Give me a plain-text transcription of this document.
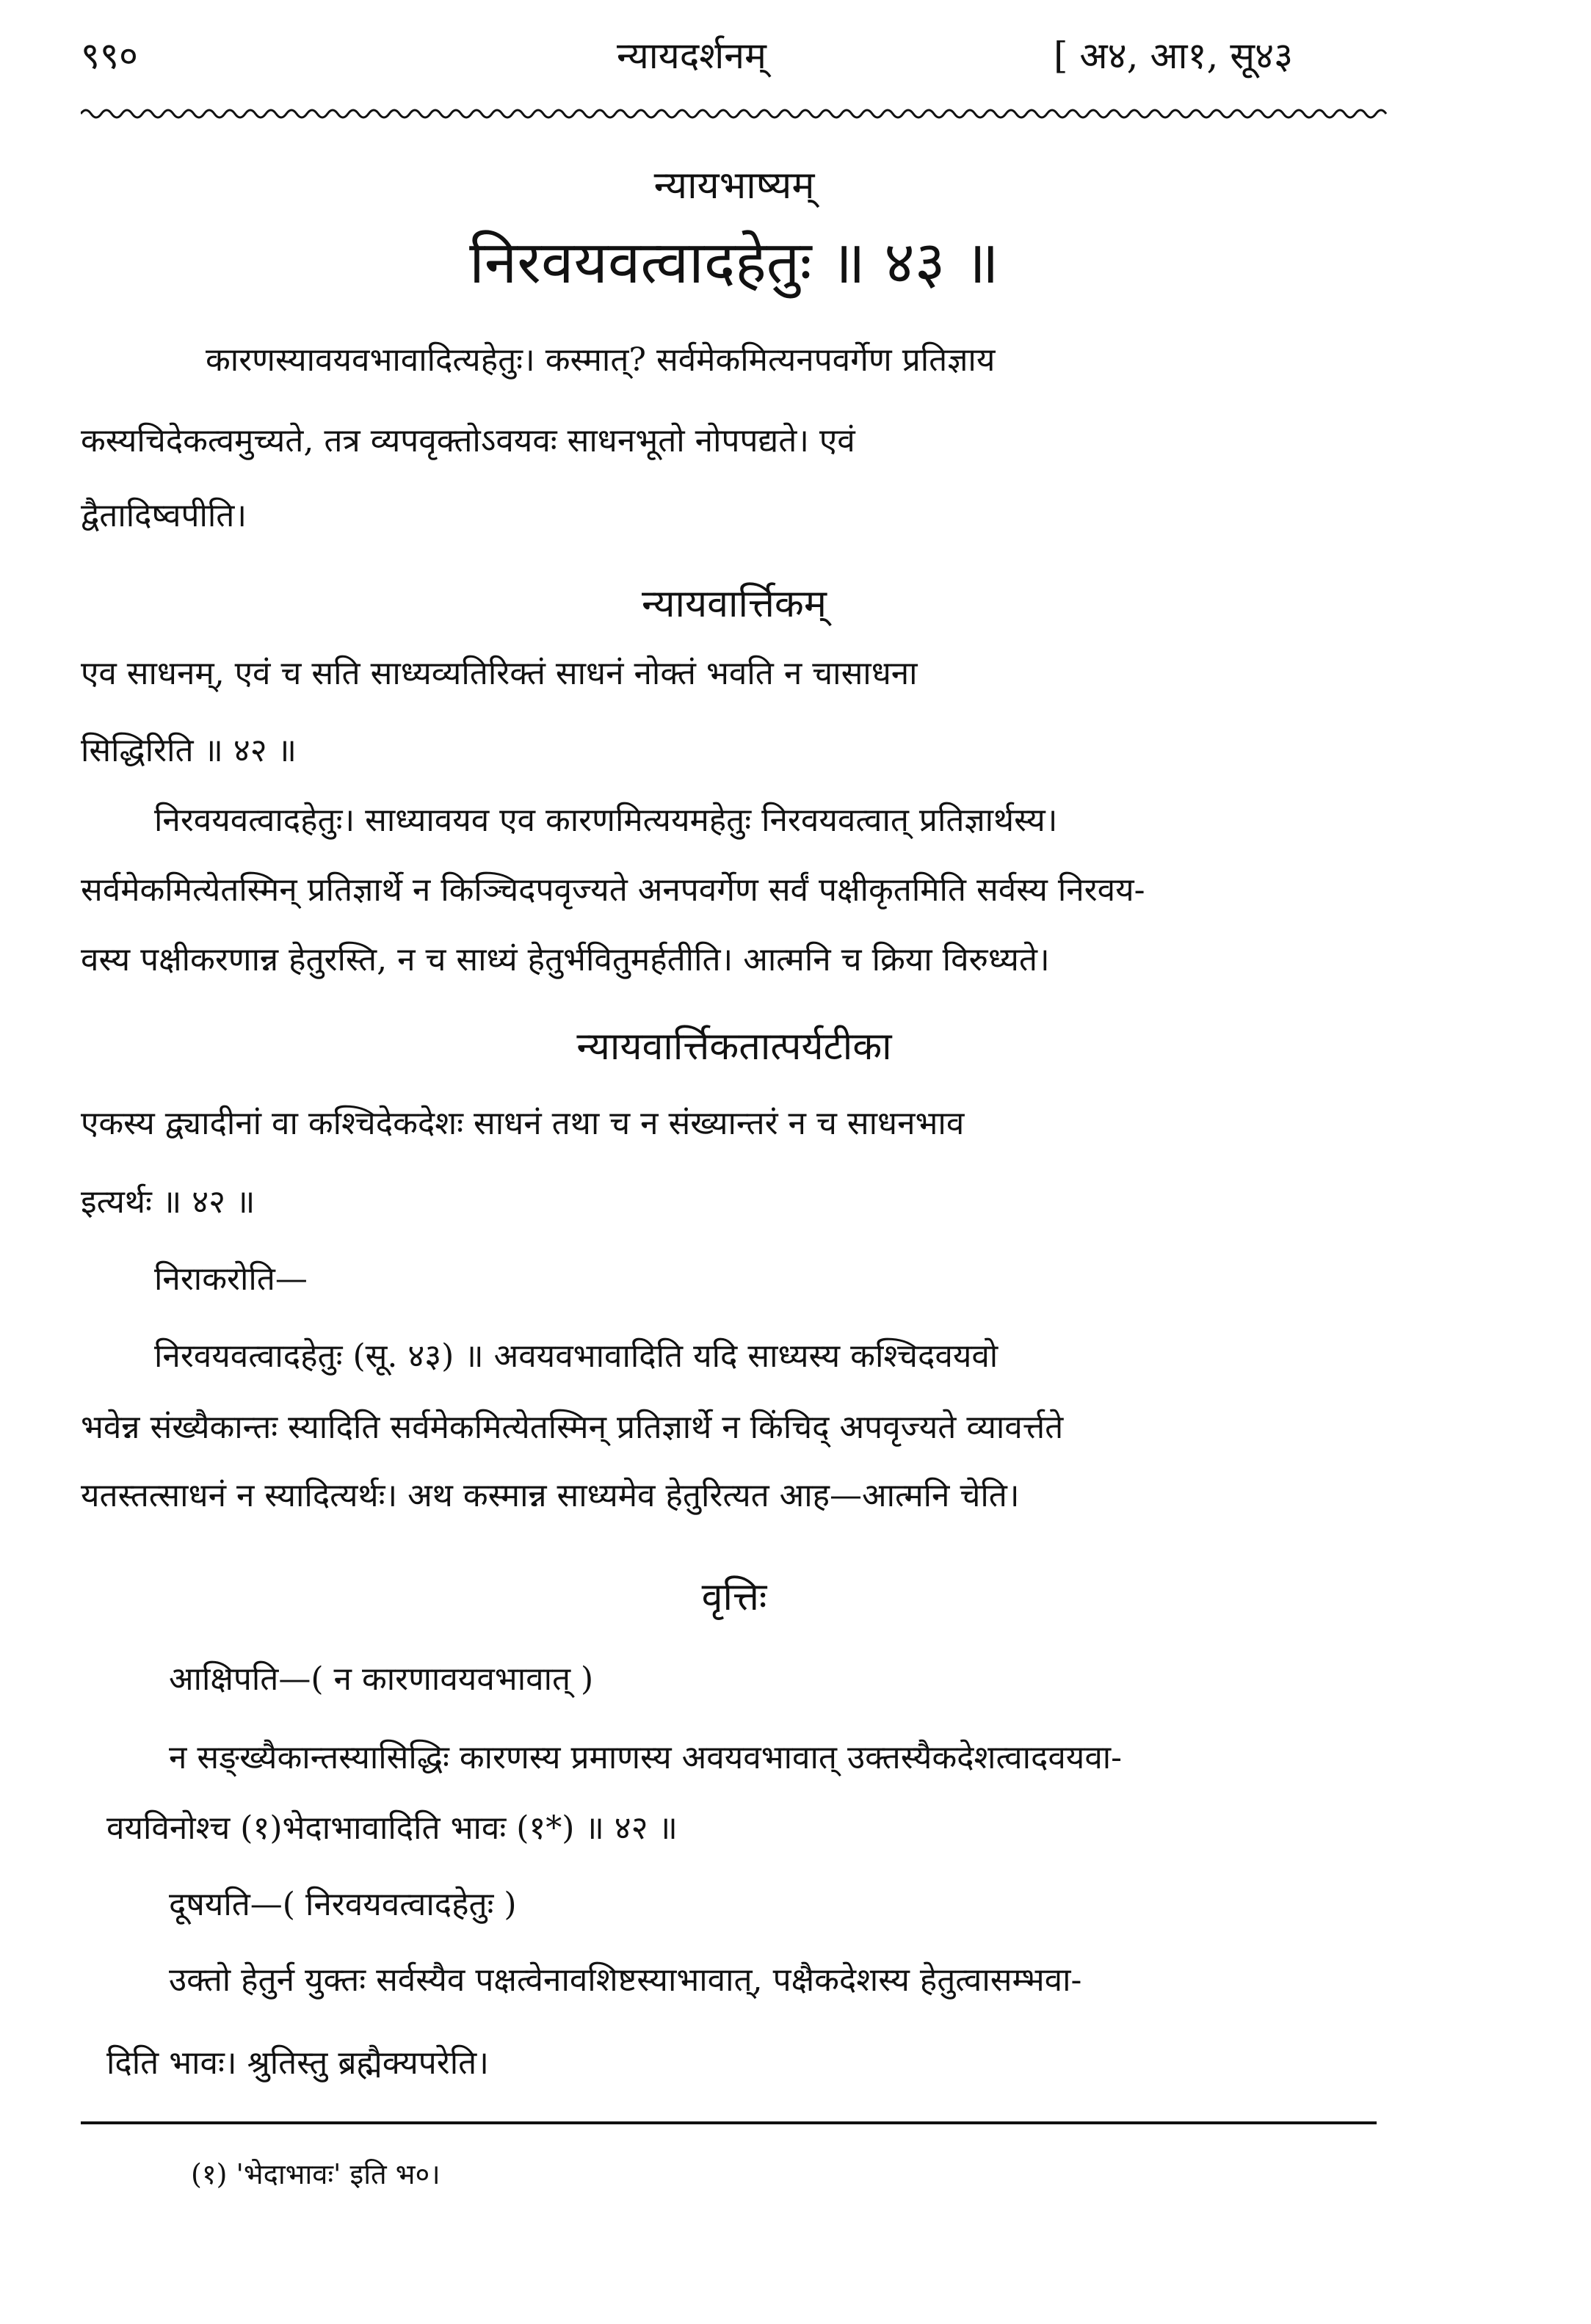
९९०	न्यायदर्शनम्	[ अ४, आ१, सू४३
न्यायभाष्यम्
निरवयवत्वादहेतुः ॥ ४३ ॥
कारणस्यावयवभावादित्यहेतुः। कस्मात्? सर्वमेकमित्यनपवर्गेण प्रतिज्ञाय
कस्यचिदेकत्वमुच्यते, तत्र व्यपवृक्तोऽवयवः साधनभूतो नोपपद्यते। एवं
द्वैतादिष्वपीति।
न्यायवार्त्तिकम्
एव साधनम्, एवं च सति साध्यव्यतिरिक्तं साधनं नोक्तं भवति न चासाधना
सिद्धिरिति ॥ ४२ ॥
निरवयवत्वादहेतुः। साध्यावयव एव कारणमित्ययमहेतुः निरवयवत्वात् प्रतिज्ञार्थस्य।
सर्वमेकमित्येतस्मिन् प्रतिज्ञार्थे न किञ्चिदपवृज्यते अनपवर्गेण सर्वं पक्षीकृतमिति सर्वस्य निरवय-
वस्य पक्षीकरणान्न हेतुरस्ति, न च साध्यं हेतुर्भवितुमर्हतीति। आत्मनि च क्रिया विरुध्यते।
न्यायवार्त्तिकतात्पर्यटीका
एकस्य द्व्यादीनां वा कश्चिदेकदेशः साधनं तथा च न संख्यान्तरं न च साधनभाव
इत्यर्थः ॥ ४२ ॥
निराकरोति—
निरवयवत्वादहेतुः (सू. ४३) ॥ अवयवभावादिति यदि साध्यस्य कश्चिदवयवो
भवेन्न संख्यैकान्तः स्यादिति सर्वमेकमित्येतस्मिन् प्रतिज्ञार्थे न किंचिद् अपवृज्यते व्यावर्त्तते
यतस्तत्साधनं न स्यादित्यर्थः। अथ कस्मान्न साध्यमेव हेतुरित्यत आह—आत्मनि चेति।
वृत्तिः
आक्षिपति—( न कारणावयवभावात् )
न सङ्ख्यैकान्तस्यासिद्धिः कारणस्य प्रमाणस्य अवयवभावात् उक्तस्यैकदेशत्वादवयवा-
वयविनोश्च (१)भेदाभावादिति भावः (१*) ॥ ४२ ॥
दूषयति—( निरवयवत्वादहेतुः )
उक्तो हेतुर्न युक्तः सर्वस्यैव पक्षत्वेनावशिष्टस्याभावात्, पक्षैकदेशस्य हेतुत्वासम्भवा-
दिति भावः। श्रुतिस्तु ब्रह्मैक्यपरेति।
(१) 'भेदाभावः' इति भ०।
